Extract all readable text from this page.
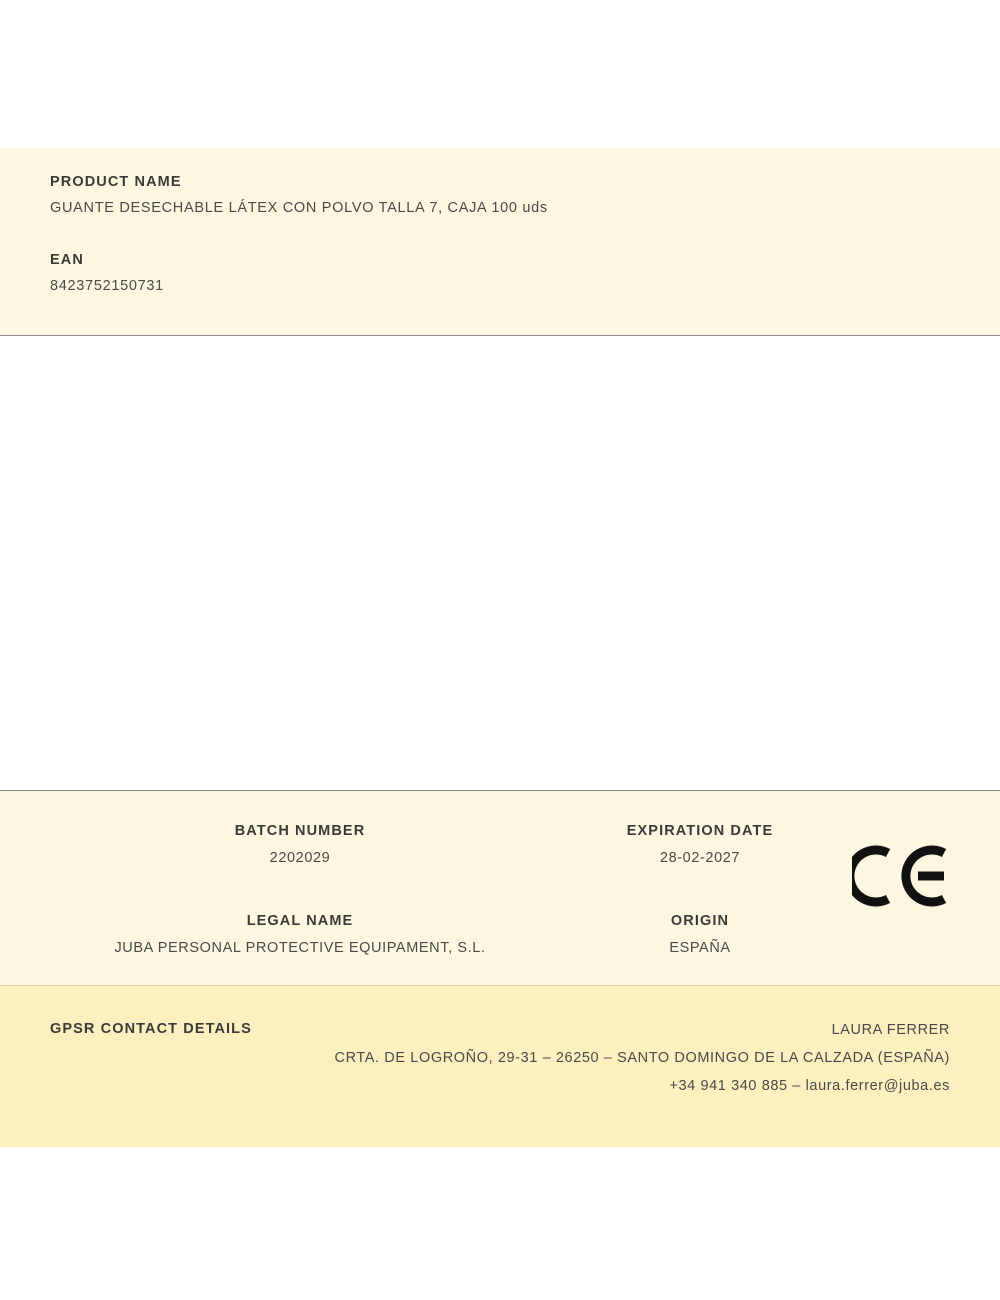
PRODUCT NAME

GUANTE DESECHABLE LÁTEX CON POLVO TALLA 7, CAJA 100 uds

EAN

8423752150731

BATCH NUMBER

2202029

EXPIRATION DATE

28-02-2027

LEGAL NAME

JUBA PERSONAL PROTECTIVE EQUIPAMENT, S.L.

ORIGIN

ESPAÑA

GPSR CONTACT DETAILS	LAURA FERRER
CRTA. DE LOGROÑO, 29-31 – 26250 – SANTO DOMINGO DE LA CALZADA (ESPAÑA)
+34 941 340 885 – laura.ferrer@juba.es
